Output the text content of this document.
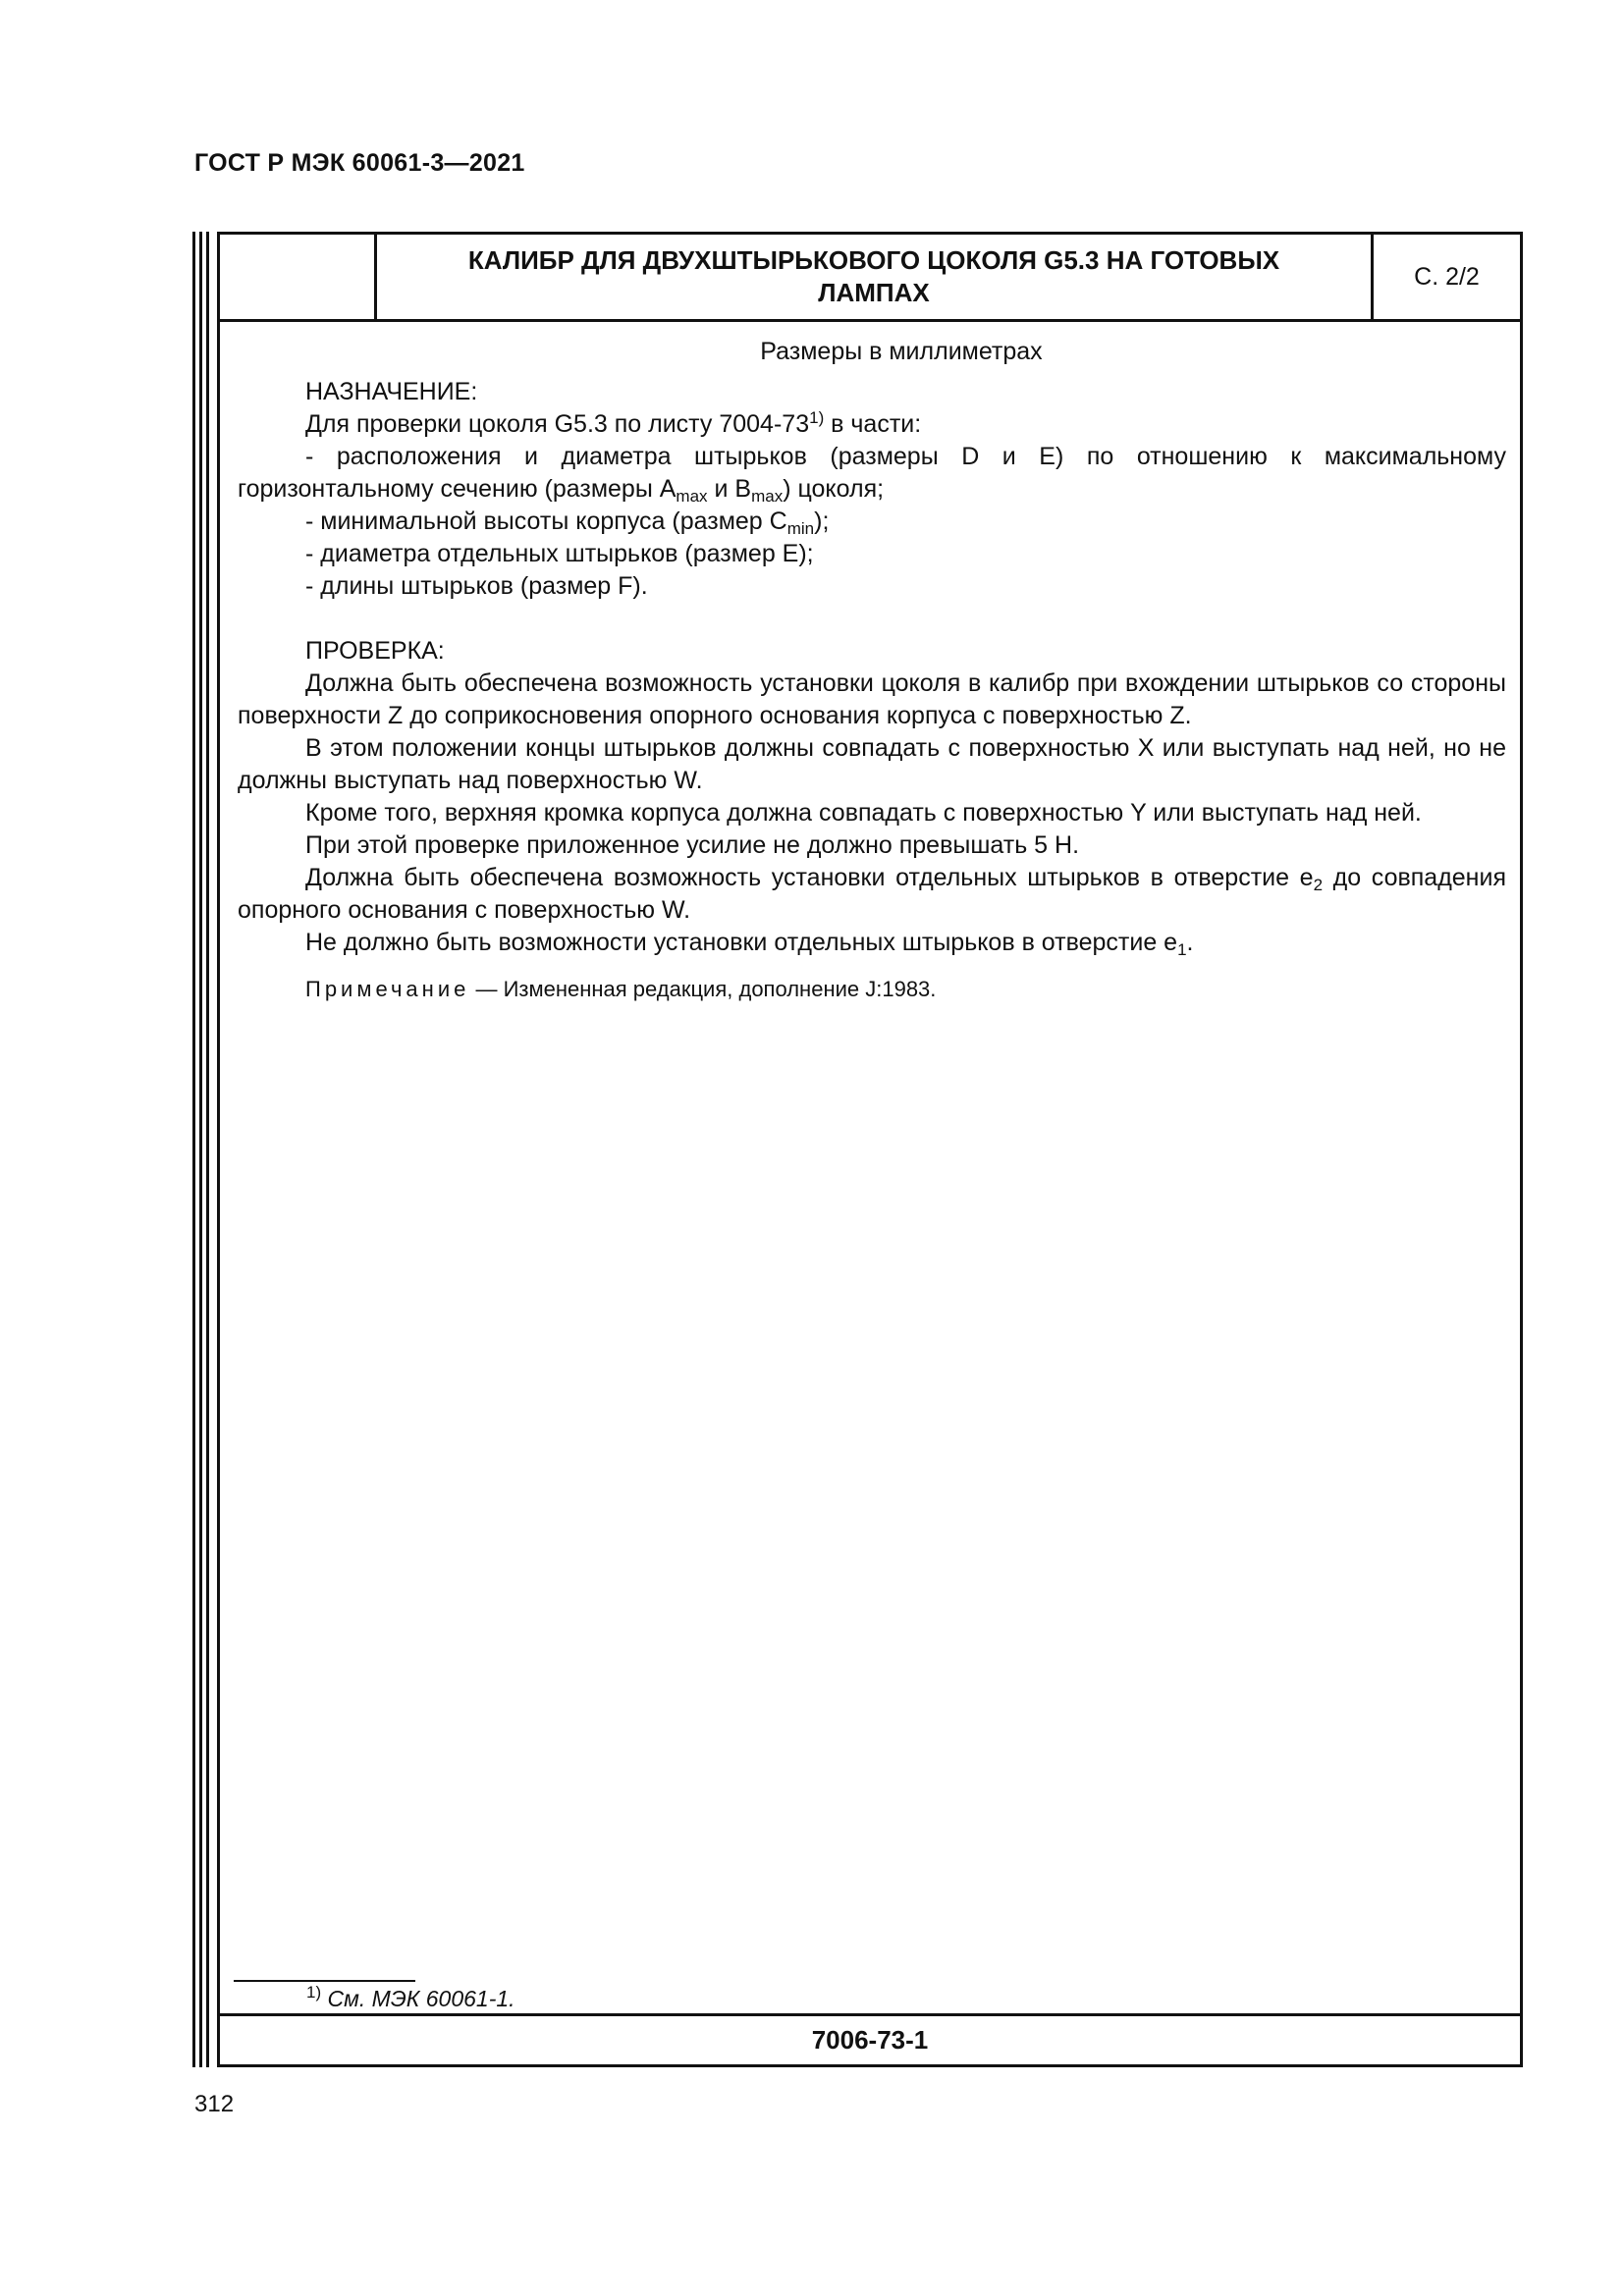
ГОСТ Р МЭК 60061-3—2021
КАЛИБР ДЛЯ ДВУХШТЫРЬКОВОГО ЦОКОЛЯ G5.3 НА ГОТОВЫХ ЛАМПАХ
С. 2/2
Размеры в миллиметрах

НАЗНАЧЕНИЕ:

Для проверки цоколя G5.3 по листу 7004-73$^{1)}$ в части:

- расположения и диаметра штырьков (размеры D и E) по отношению к максимальному горизонтальному сечению (размеры $A_{max}$ и $B_{max}$) цоколя;

- минимальной высоты корпуса (размер $C_{min}$);

- диаметра отдельных штырьков (размер E);

- длины штырьков (размер F).

ПРОВЕРКА:

Должна быть обеспечена возможность установки цоколя в калибр при вхождении штырьков со стороны поверхности Z до соприкосновения опорного основания корпуса с поверхностью Z.

В этом положении концы штырьков должны совпадать с поверхностью X или выступать над ней, но не должны выступать над поверхностью W.

Кроме того, верхняя кромка корпуса должна совпадать с поверхностью Y или выступать над ней.

При этой проверке приложенное усилие не должно превышать 5 Н.

Должна быть обеспечена возможность установки отдельных штырьков в отверстие $e_2$ до совпадения опорного основания с поверхностью W.

Не должно быть возможности установки отдельных штырьков в отверстие $e_1$.

Примечание — Измененная редакция, дополнение J:1983.

$^{1)}$ См. МЭК 60061-1.
7006-73-1
312
